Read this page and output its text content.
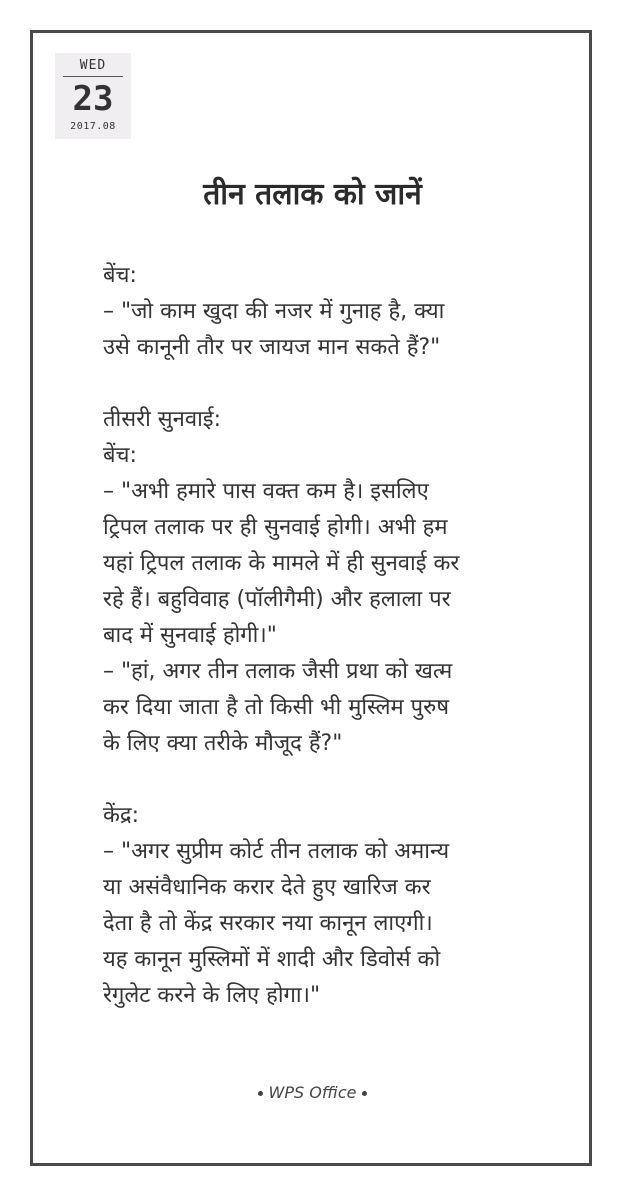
WED
23
2017.08
तीन तलाक को जानें

बेंच:

– "जो काम खुदा की नजर में गुनाह है, क्या

उसे कानूनी तौर पर जायज मान सकते हैं?"

तीसरी सुनवाई:

बेंच:

– "अभी हमारे पास वक्त कम है। इसलिए

ट्रिपल तलाक पर ही सुनवाई होगी। अभी हम

यहां ट्रिपल तलाक के मामले में ही सुनवाई कर

रहे हैं। बहुविवाह (पॉलीगैमी) और हलाला पर

बाद में सुनवाई होगी।"

– "हां, अगर तीन तलाक जैसी प्रथा को खत्म

कर दिया जाता है तो किसी भी मुस्लिम पुरुष

के लिए क्या तरीके मौजूद हैं?"

केंद्र:

– "अगर सुप्रीम कोर्ट तीन तलाक को अमान्य

या असंवैधानिक करार देते हुए खारिज कर

देता है तो केंद्र सरकार नया कानून लाएगी।

यह कानून मुस्लिमों में शादी और डिवोर्स को

रेगुलेट करने के लिए होगा।"

WPS Office
